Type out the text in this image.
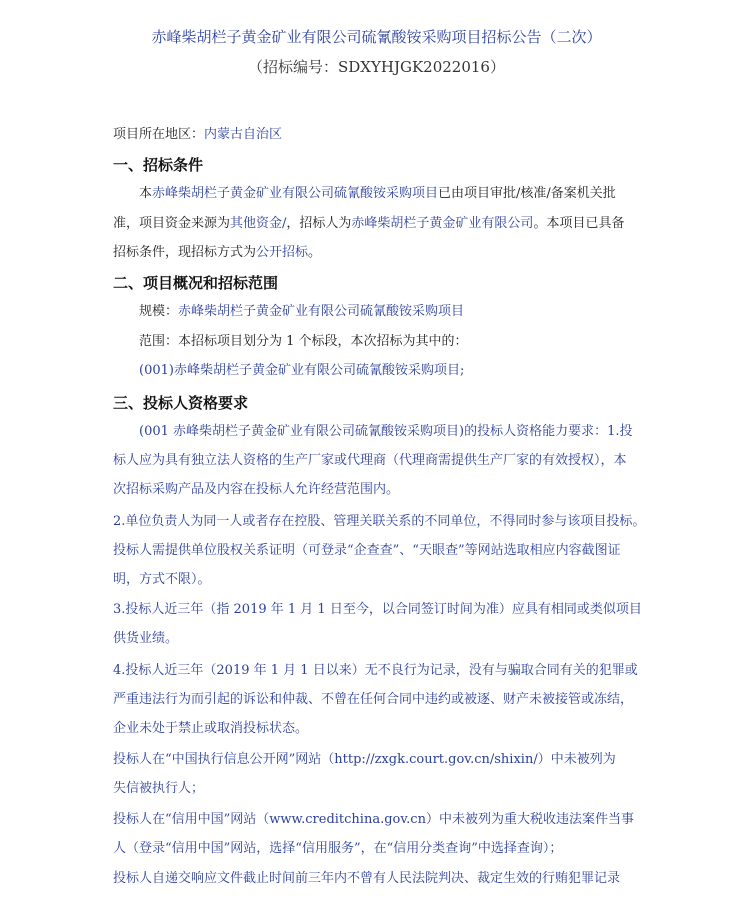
赤峰柴胡栏子黄金矿业有限公司硫氰酸铵采购项目招标公告（二次）
（招标编号：SDXYHJGK2022016）
项目所在地区：内蒙古自治区
一、招标条件
本赤峰柴胡栏子黄金矿业有限公司硫氰酸铵采购项目已由项目审批/核准/备案机关批
准，项目资金来源为其他资金/，招标人为赤峰柴胡栏子黄金矿业有限公司。本项目已具备
招标条件，现招标方式为公开招标。
二、项目概况和招标范围
规模：赤峰柴胡栏子黄金矿业有限公司硫氰酸铵采购项目
范围：本招标项目划分为 1 个标段，本次招标为其中的：
(001)赤峰柴胡栏子黄金矿业有限公司硫氰酸铵采购项目;
三、投标人资格要求
(001 赤峰柴胡栏子黄金矿业有限公司硫氰酸铵采购项目)的投标人资格能力要求：1.投
标人应为具有独立法人资格的生产厂家或代理商（代理商需提供生产厂家的有效授权），本
次招标采购产品及内容在投标人允许经营范围内。
2.单位负责人为同一人或者存在控股、管理关联关系的不同单位，不得同时参与该项目投标。
投标人需提供单位股权关系证明（可登录“企查查”、“天眼查”等网站选取相应内容截图证
明，方式不限）。
3.投标人近三年（指 2019 年 1 月 1 日至今，以合同签订时间为准）应具有相同或类似项目
供货业绩。
4.投标人近三年（2019 年 1 月 1 日以来）无不良行为记录，没有与骗取合同有关的犯罪或
严重违法行为而引起的诉讼和仲裁、不曾在任何合同中违约或被逐、财产未被接管或冻结，
企业未处于禁止或取消投标状态。
投标人在“中国执行信息公开网”网站（http://zxgk.court.gov.cn/shixin/）中未被列为
失信被执行人；
投标人在“信用中国”网站（www.creditchina.gov.cn）中未被列为重大税收违法案件当事
人（登录“信用中国”网站，选择“信用服务”，在“信用分类查询”中选择查询）；
投标人自递交响应文件截止时间前三年内不曾有人民法院判决、裁定生效的行贿犯罪记录
